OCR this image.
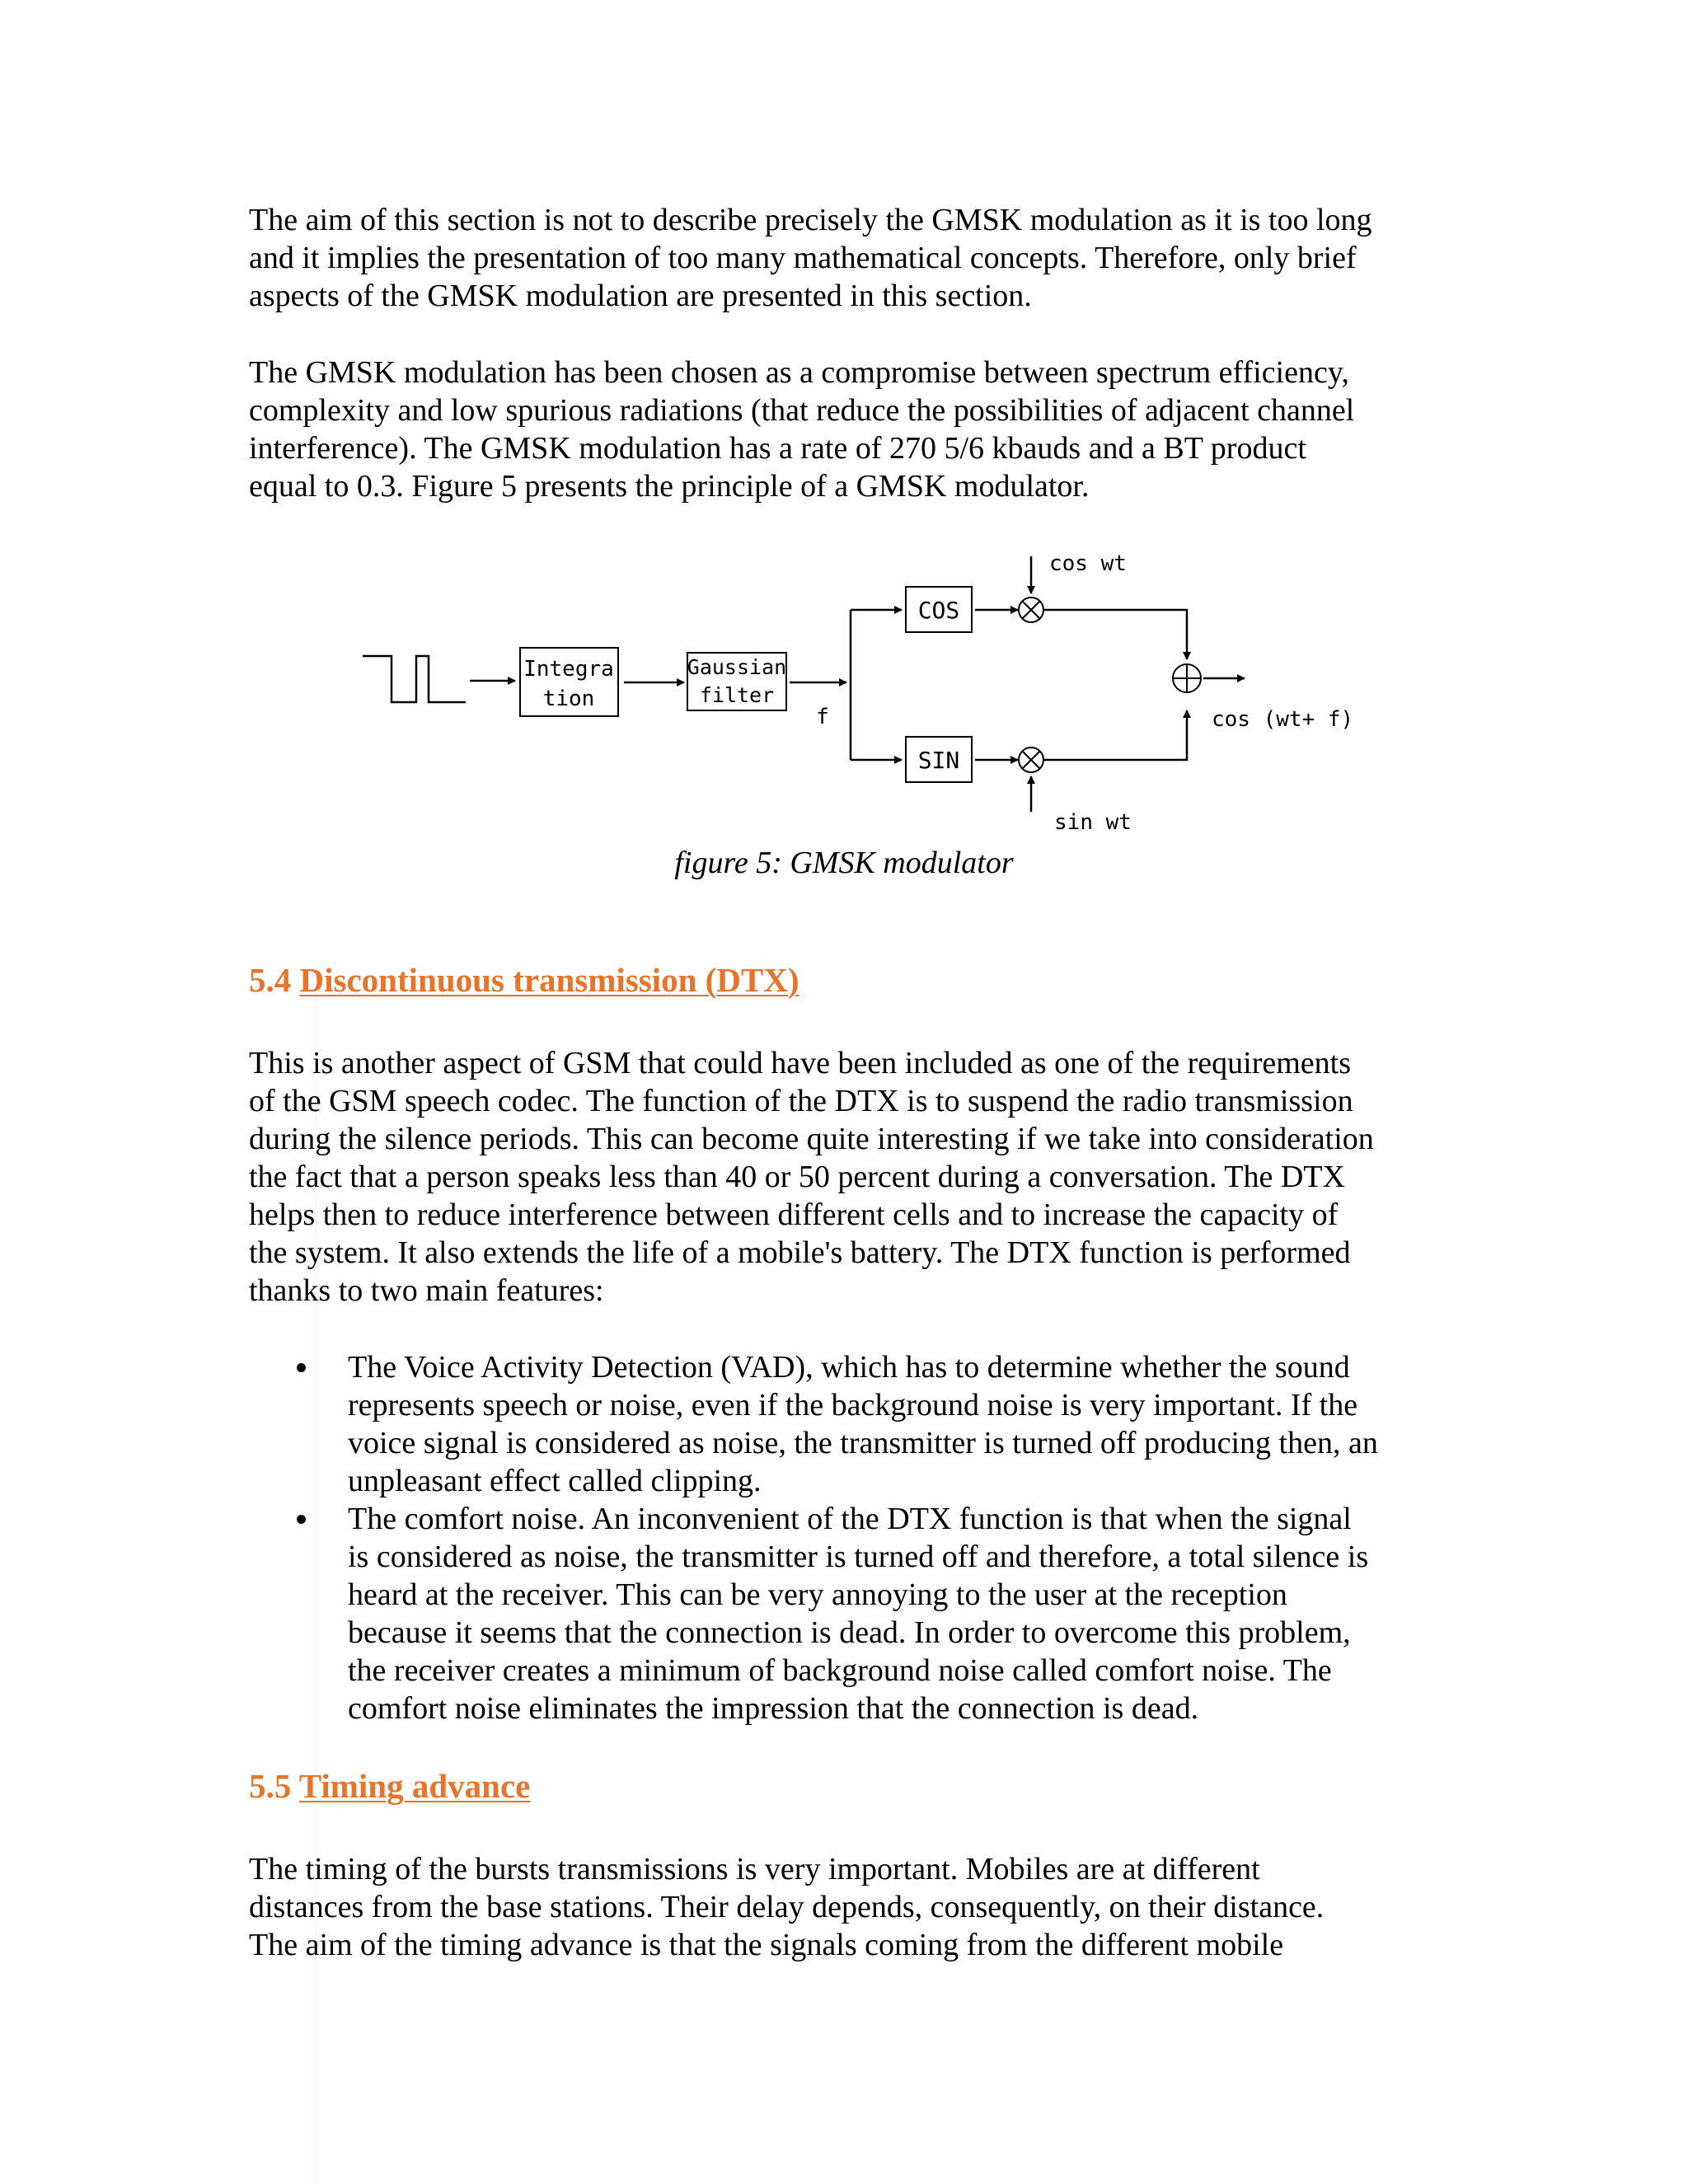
The aim of this section is not to describe precisely the GMSK modulation as it is too long
and it implies the presentation of too many mathematical concepts. Therefore, only brief
aspects of the GMSK modulation are presented in this section.

The GMSK modulation has been chosen as a compromise between spectrum efficiency,
complexity and low spurious radiations (that reduce the possibilities of adjacent channel
interference). The GMSK modulation has a rate of 270 5/6 kbauds and a BT product
equal to 0.3. Figure 5 presents the principle of a GMSK modulator.

Integra
tion
Gaussian
filter
f
COS
SIN
cos wt
sin wt
cos (wt+ f)

figure 5: GMSK modulator

5.4 Discontinuous transmission (DTX)

This is another aspect of GSM that could have been included as one of the requirements
of the GSM speech codec. The function of the DTX is to suspend the radio transmission
during the silence periods. This can become quite interesting if we take into consideration
the fact that a person speaks less than 40 or 50 percent during a conversation. The DTX
helps then to reduce interference between different cells and to increase the capacity of
the system. It also extends the life of a mobile's battery. The DTX function is performed
thanks to two main features:

The Voice Activity Detection (VAD), which has to determine whether the sound
represents speech or noise, even if the background noise is very important. If the
voice signal is considered as noise, the transmitter is turned off producing then, an
unpleasant effect called clipping.
The comfort noise. An inconvenient of the DTX function is that when the signal
is considered as noise, the transmitter is turned off and therefore, a total silence is
heard at the receiver. This can be very annoying to the user at the reception
because it seems that the connection is dead. In order to overcome this problem,
the receiver creates a minimum of background noise called comfort noise. The
comfort noise eliminates the impression that the connection is dead.
5.5 Timing advance

The timing of the bursts transmissions is very important. Mobiles are at different
distances from the base stations. Their delay depends, consequently, on their distance.
The aim of the timing advance is that the signals coming from the different mobile
